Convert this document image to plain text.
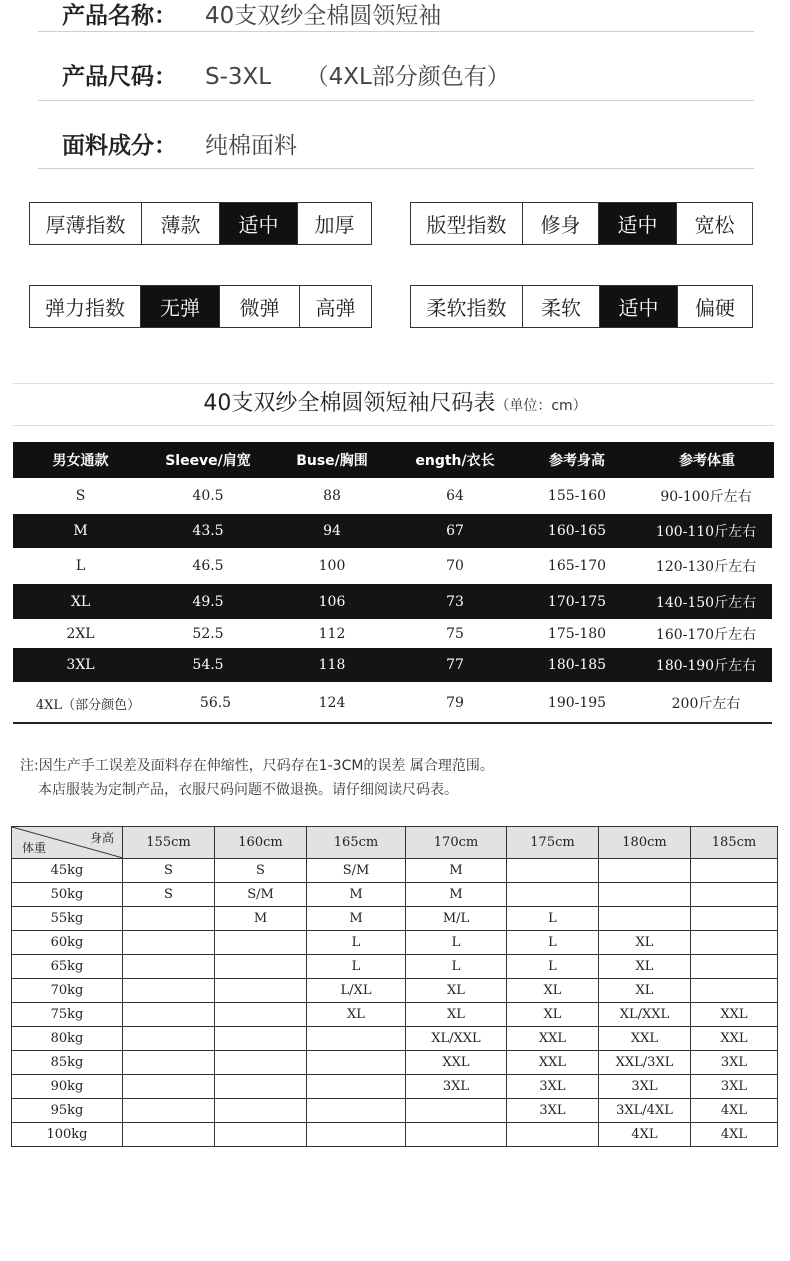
产品名称： 40支双纱全棉圆领短袖
产品尺码： S-3XL　　（4XL部分颜色有）
面料成分： 纯棉面料
厚薄指数	薄款	适中	加厚	版型指数	修身	适中	宽松
弹力指数	无弹	微弹	高弹	柔软指数	柔软	适中	偏硬
40支双纱全棉圆领短袖尺码表（单位：cm）
男女通款	Sleeve/肩宽	Buse/胸围	ength/衣长	参考身高	参考体重
S	40.5	88	64	155-160	90-100斤左右
M	43.5	94	67	160-165	100-110斤左右
L	46.5	100	70	165-170	120-130斤左右
XL	49.5	106	73	170-175	140-150斤左右
2XL	52.5	112	75	175-180	160-170斤左右
3XL	54.5	118	77	180-185	180-190斤左右
4XL（部分颜色）	56.5	124	79	190-195	200斤左右
注:因生产手工误差及面料存在伸缩性，尺码存在1-3CM的误差 属合理范围。
本店服装为定制产品，衣服尺码问题不做退换。请仔细阅读尺码表。
身高
体重	155cm	160cm	165cm	170cm	175cm	180cm	185cm
45kg	S	S	S/M	M			
50kg	S	S/M	M	M			
55kg		M	M	M/L	L		
60kg			L	L	L	XL	
65kg			L	L	L	XL	
70kg			L/XL	XL	XL	XL	
75kg			XL	XL	XL	XL/XXL	XXL
80kg				XL/XXL	XXL	XXL	XXL
85kg				XXL	XXL	XXL/3XL	3XL
90kg				3XL	3XL	3XL	3XL
95kg					3XL	3XL/4XL	4XL
100kg						4XL	4XL
